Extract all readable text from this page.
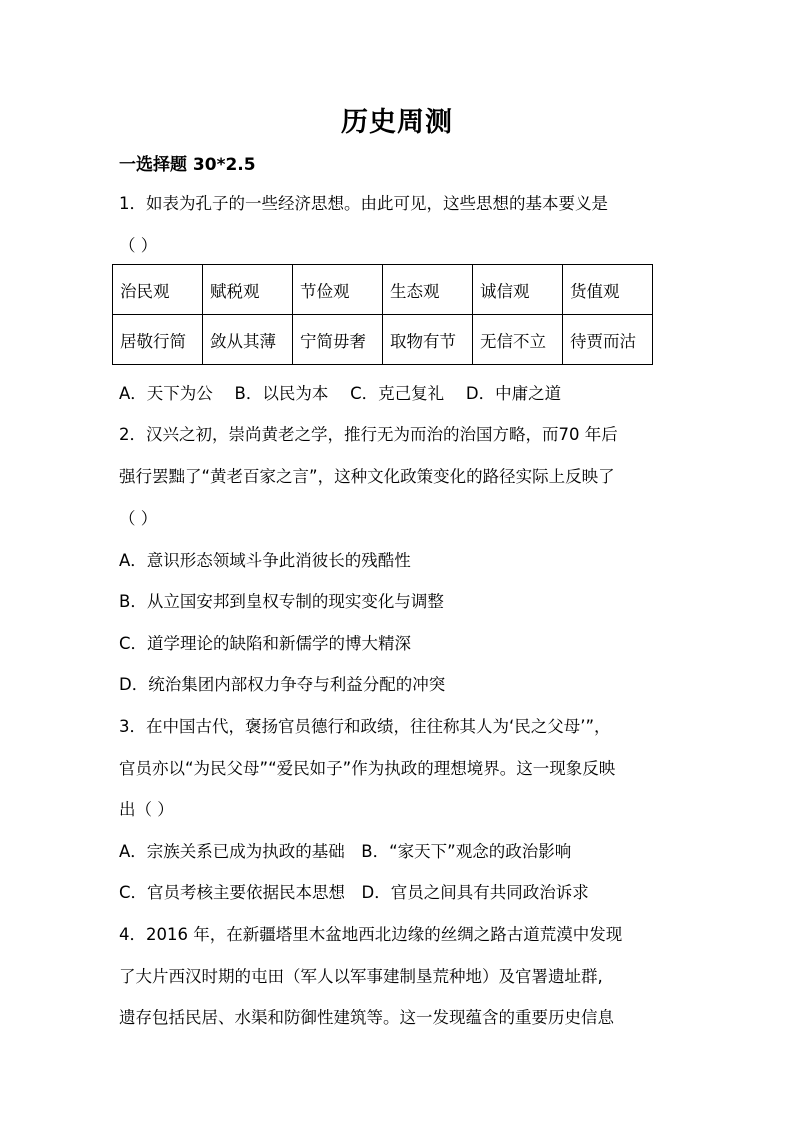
历史周测
一选择题 30*2.5
1．如表为孔子的一些经济思想。由此可见，这些思想的基本要义是
（ ）
治民观	赋税观	节俭观	生态观	诚信观	货值观
居敬行简	敛从其薄	宁简毋奢	取物有节	无信不立	待贾而沽
A．天下为公　 B．以民为本　 C．克己复礼　 D．中庸之道
2．汉兴之初，崇尚黄老之学，推行无为而治的治国方略，而70 年后
强行罢黜了“黄老百家之言”，这种文化政策变化的路径实际上反映了
（ ）
A．意识形态领域斗争此消彼长的残酷性
B．从立国安邦到皇权专制的现实变化与调整
C．道学理论的缺陷和新儒学的博大精深
D．统治集团内部权力争夺与利益分配的冲突
3．在中国古代，褒扬官员德行和政绩，往往称其人为‘民之父母’”，
官员亦以“为民父母”“爱民如子”作为执政的理想境界。这一现象反映
出（ ）
A．宗族关系已成为执政的基础　B．“家天下”观念的政治影响
C．官员考核主要依据民本思想　D．官员之间具有共同政治诉求
4．2016 年，在新疆塔里木盆地西北边缘的丝绸之路古道荒漠中发现
了大片西汉时期的屯田（军人以军事建制垦荒种地）及官署遗址群,
遗存包括民居、水渠和防御性建筑等。这一发现蕴含的重要历史信息
